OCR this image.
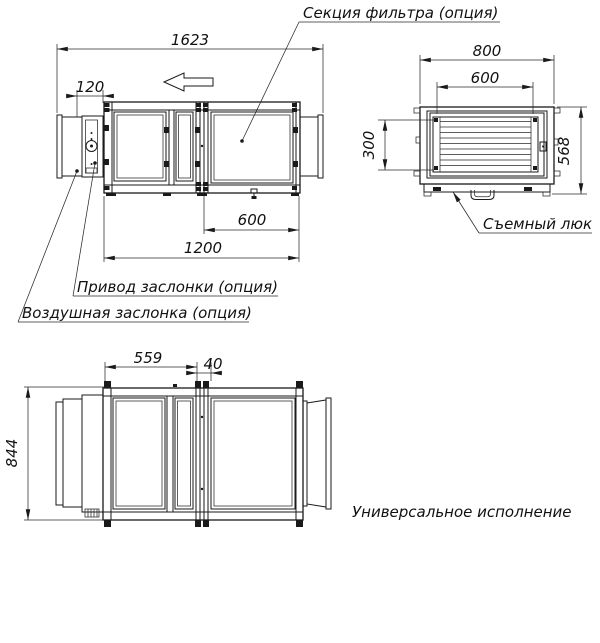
1623
120
600
1200
Секция фильтра (опция)
Привод заслонки (опция)
Воздушная заслонка (опция)
800
600
300	568
Съемный люк
559	40
844
Универсальное исполнение
